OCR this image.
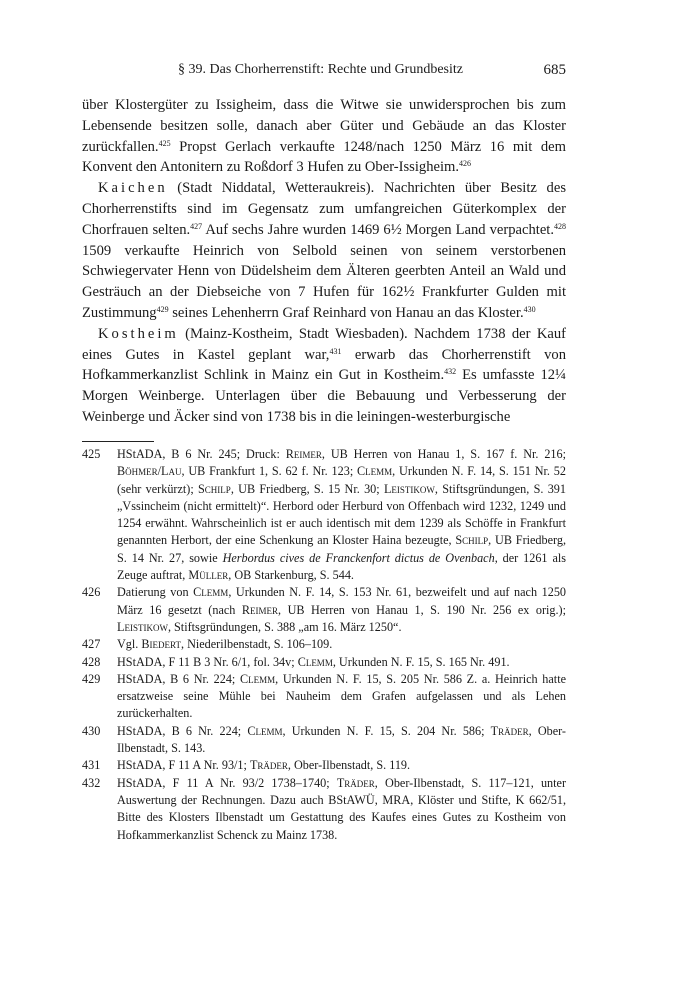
§ 39. Das Chorherrenstift: Rechte und Grundbesitz	685

über Klostergüter zu Issigheim, dass die Witwe sie unwidersprochen bis zum Lebensende besitzen solle, danach aber Güter und Gebäude an das Kloster zurückfallen.$^{425}$ Propst Gerlach verkaufte 1248/nach 1250 März 16 mit dem Konvent den Antonitern zu Roßdorf 3 Hufen zu Ober-Issigheim.$^{426}$

Kaichen (Stadt Niddatal, Wetteraukreis). Nachrichten über Besitz des Chorherrenstifts sind im Gegensatz zum umfangreichen Güterkomplex der Chorfrauen selten.$^{427}$ Auf sechs Jahre wurden 1469 6½ Morgen Land verpachtet.$^{428}$ 1509 verkaufte Heinrich von Selbold seinen von seinem verstorbenen Schwiegervater Henn von Düdelsheim dem Älteren geerbten Anteil an Wald und Gesträuch an der Diebseiche von 7 Hufen für 162½ Frankfurter Gulden mit Zustimmung$^{429}$ seines Lehenherrn Graf Reinhard von Hanau an das Kloster.$^{430}$

Kostheim (Mainz-Kostheim, Stadt Wiesbaden). Nachdem 1738 der Kauf eines Gutes in Kastel geplant war,$^{431}$ erwarb das Chorherrenstift von Hofkammerkanzlist Schlink in Mainz ein Gut in Kostheim.$^{432}$ Es umfasste 12¼ Morgen Weinberge. Unterlagen über die Bebauung und Verbesserung der Weinberge und Äcker sind von 1738 bis in die leiningen-westerburgische

425 HStADA, B 6 Nr. 245; Druck: Reimer, UB Herren von Hanau 1, S. 167 f. Nr. 216; Böhmer/Lau, UB Frankfurt 1, S. 62 f. Nr. 123; Clemm, Urkunden N. F. 14, S. 151 Nr. 52 (sehr verkürzt); Schilp, UB Friedberg, S. 15 Nr. 30; Leistikow, Stiftsgründungen, S. 391 „Vssincheim (nicht ermittelt)“. Herbord oder Herburd von Offenbach wird 1232, 1249 und 1254 erwähnt. Wahrscheinlich ist er auch identisch mit dem 1239 als Schöffe in Frankfurt genannten Herbort, der eine Schenkung an Kloster Haina bezeugte, Schilp, UB Friedberg, S. 14 Nr. 27, sowie Herbordus cives de Franckenfort dictus de Ovenbach, der 1261 als Zeuge auftrat, Müller, OB Starkenburg, S. 544.
426 Datierung von Clemm, Urkunden N. F. 14, S. 153 Nr. 61, bezweifelt und auf nach 1250 März 16 gesetzt (nach Reimer, UB Herren von Hanau 1, S. 190 Nr. 256 ex orig.); Leistikow, Stiftsgründungen, S. 388 „am 16. März 1250“.
427 Vgl. Biedert, Niederilbenstadt, S. 106–109.
428 HStADA, F 11 B 3 Nr. 6/1, fol. 34v; Clemm, Urkunden N. F. 15, S. 165 Nr. 491.
429 HStADA, B 6 Nr. 224; Clemm, Urkunden N. F. 15, S. 205 Nr. 586 Z. a. Heinrich hatte ersatzweise seine Mühle bei Nauheim dem Grafen aufgelassen und als Lehen zurückerhalten.
430 HStADA, B 6 Nr. 224; Clemm, Urkunden N. F. 15, S. 204 Nr. 586; Träder, Ober-Ilbenstadt, S. 143.
431 HStADA, F 11 A Nr. 93/1; Träder, Ober-Ilbenstadt, S. 119.
432 HStADA, F 11 A Nr. 93/2 1738–1740; Träder, Ober-Ilbenstadt, S. 117–121, unter Auswertung der Rechnungen. Dazu auch BStAWÜ, MRA, Klöster und Stifte, K 662/51, Bitte des Klosters Ilbenstadt um Gestattung des Kaufes eines Gutes zu Kostheim von Hofkammerkanzlist Schenck zu Mainz 1738.
